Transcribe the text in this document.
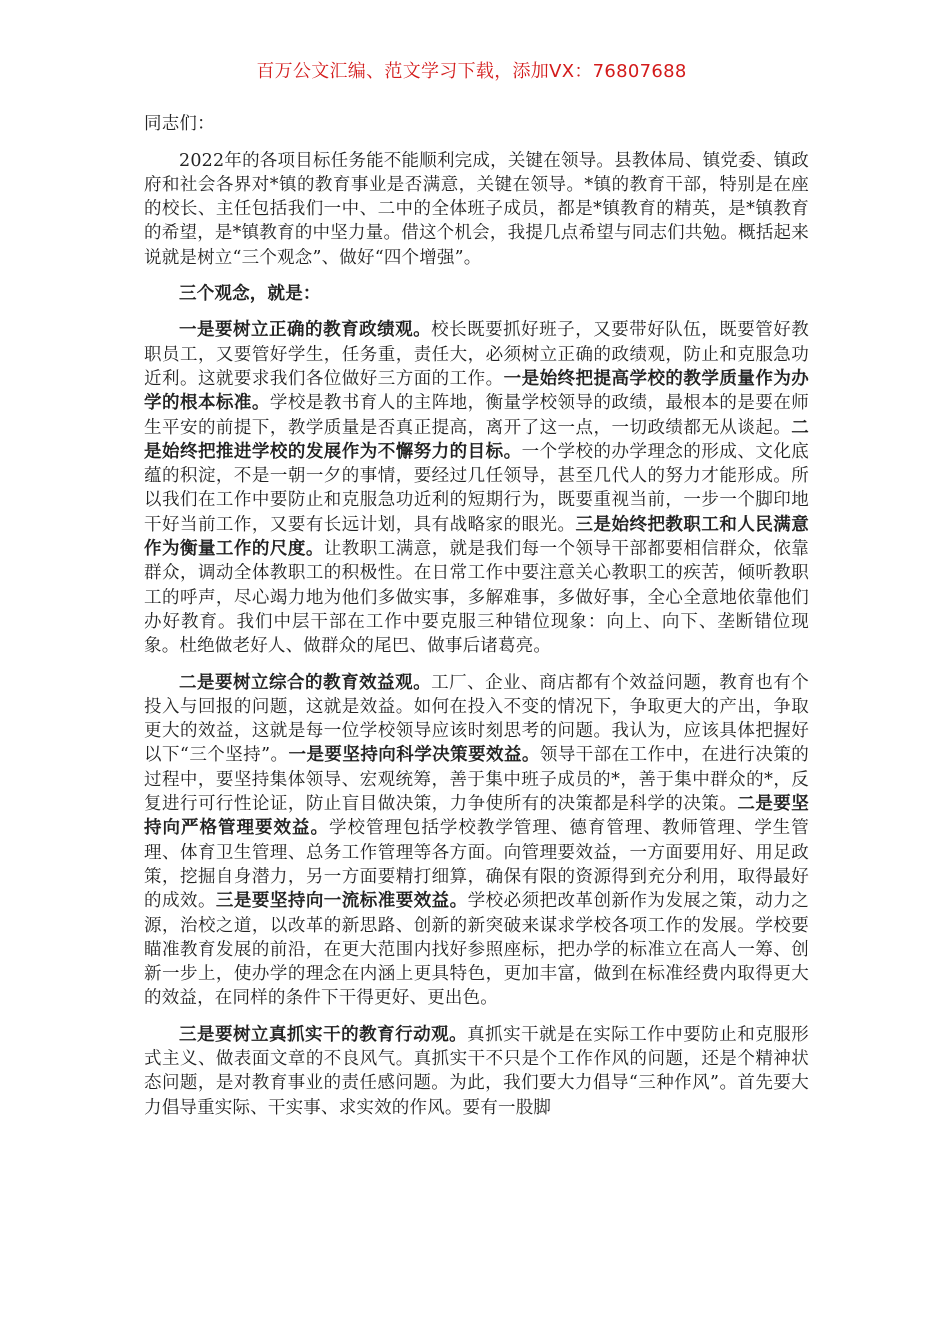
百万公文汇编、范文学习下载，添加VX：76807688
同志们：

2022年的各项目标任务能不能顺利完成，关键在领导。县教体局、镇党委、镇政府和社会各界对*镇的教育事业是否满意，关键在领导。*镇的教育干部，特别是在座的校长、主任包括我们一中、二中的全体班子成员，都是*镇教育的精英，是*镇教育的希望，是*镇教育的中坚力量。借这个机会，我提几点希望与同志们共勉。概括起来说就是树立“三个观念”、做好“四个增强”。

三个观念，就是：

一是要树立正确的教育政绩观。校长既要抓好班子，又要带好队伍，既要管好教职员工，又要管好学生，任务重，责任大，必须树立正确的政绩观，防止和克服急功近利。这就要求我们各位做好三方面的工作。一是始终把提高学校的教学质量作为办学的根本标准。学校是教书育人的主阵地，衡量学校领导的政绩，最根本的是要在师生平安的前提下，教学质量是否真正提高，离开了这一点，一切政绩都无从谈起。二是始终把推进学校的发展作为不懈努力的目标。一个学校的办学理念的形成、文化底蕴的积淀，不是一朝一夕的事情，要经过几任领导，甚至几代人的努力才能形成。所以我们在工作中要防止和克服急功近利的短期行为，既要重视当前，一步一个脚印地干好当前工作，又要有长远计划，具有战略家的眼光。三是始终把教职工和人民满意作为衡量工作的尺度。让教职工满意，就是我们每一个领导干部都要相信群众，依靠群众，调动全体教职工的积极性。在日常工作中要注意关心教职工的疾苦，倾听教职工的呼声，尽心竭力地为他们多做实事，多解难事，多做好事，全心全意地依靠他们办好教育。我们中层干部在工作中要克服三种错位现象：向上、向下、垄断错位现象。杜绝做老好人、做群众的尾巴、做事后诸葛亮。

二是要树立综合的教育效益观。工厂、企业、商店都有个效益问题，教育也有个投入与回报的问题，这就是效益。如何在投入不变的情况下，争取更大的产出，争取更大的效益，这就是每一位学校领导应该时刻思考的问题。我认为，应该具体把握好以下“三个坚持”。一是要坚持向科学决策要效益。领导干部在工作中，在进行决策的过程中，要坚持集体领导、宏观统筹，善于集中班子成员的*，善于集中群众的*，反复进行可行性论证，防止盲目做决策，力争使所有的决策都是科学的决策。二是要坚持向严格管理要效益。学校管理包括学校教学管理、德育管理、教师管理、学生管理、体育卫生管理、总务工作管理等各方面。向管理要效益，一方面要用好、用足政策，挖掘自身潜力，另一方面要精打细算，确保有限的资源得到充分利用，取得最好的成效。三是要坚持向一流标准要效益。学校必须把改革创新作为发展之策，动力之源，治校之道，以改革的新思路、创新的新突破来谋求学校各项工作的发展。学校要瞄准教育发展的前沿，在更大范围内找好参照座标，把办学的标准立在高人一筹、创新一步上，使办学的理念在内涵上更具特色，更加丰富，做到在标准经费内取得更大的效益，在同样的条件下干得更好、更出色。

三是要树立真抓实干的教育行动观。真抓实干就是在实际工作中要防止和克服形式主义、做表面文章的不良风气。真抓实干不只是个工作作风的问题，还是个精神状态问题，是对教育事业的责任感问题。为此，我们要大力倡导“三种作风”。首先要大力倡导重实际、干实事、求实效的作风。要有一股脚
